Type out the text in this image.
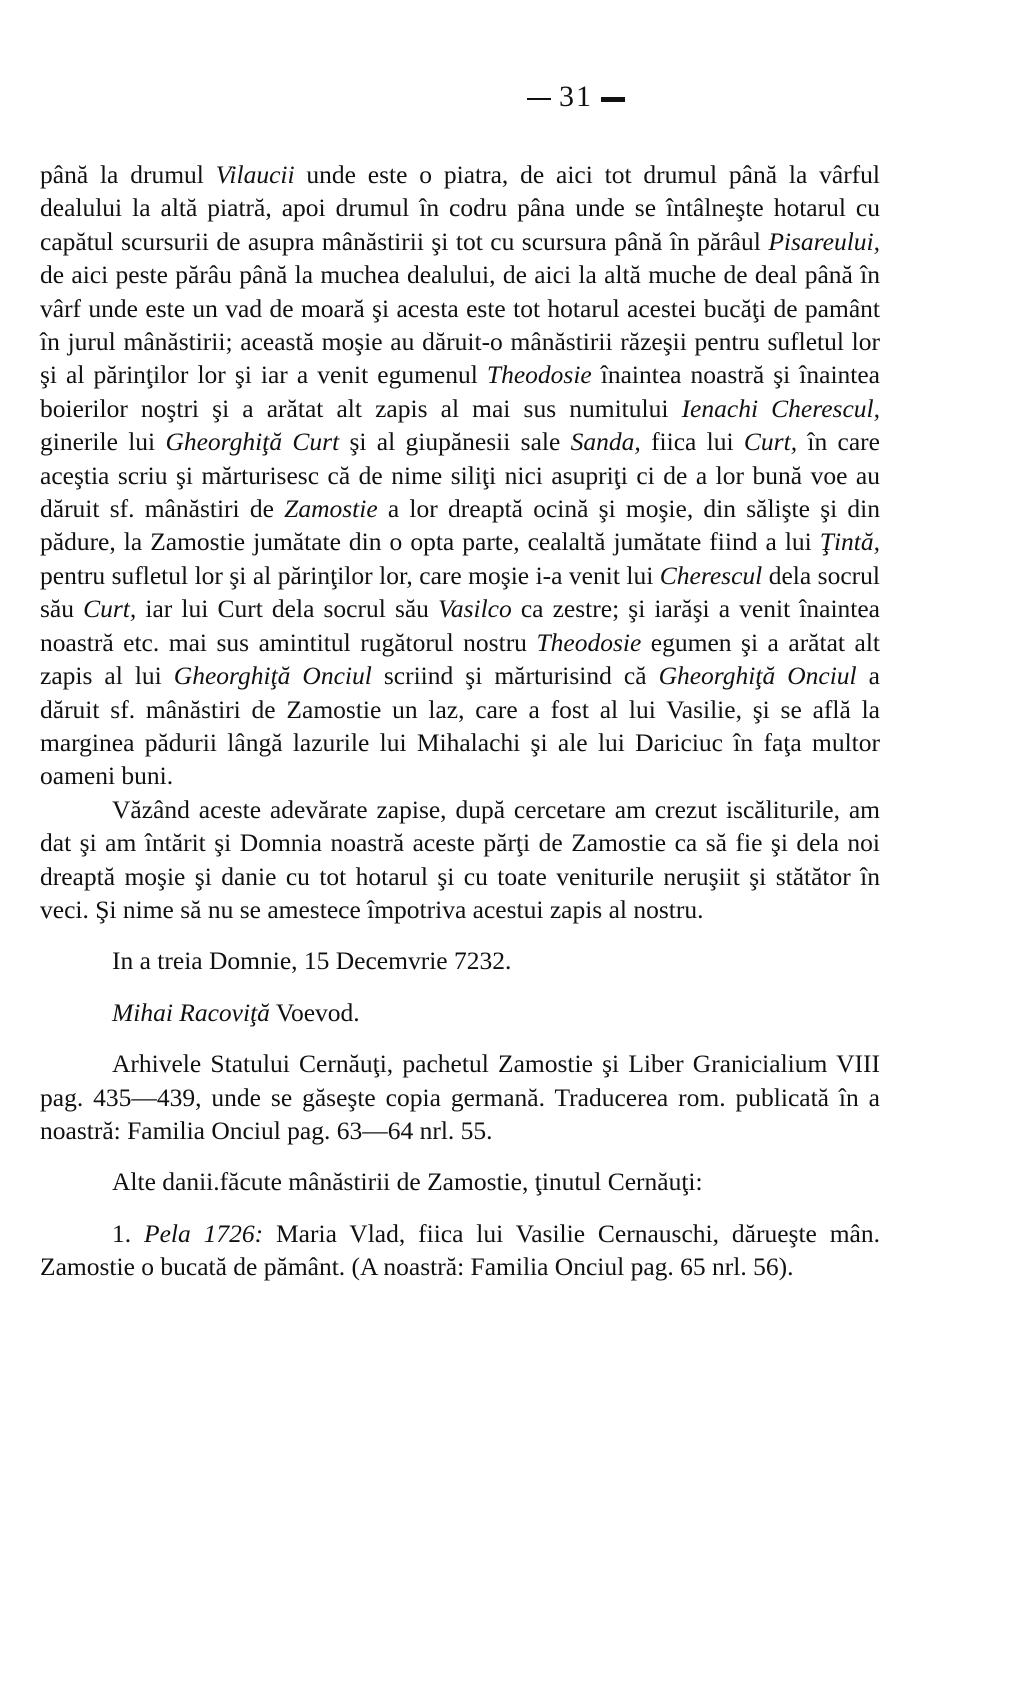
31

până la drumul Vilaucii unde este o piatra, de aici tot drumul până la vârful dealului la altă piatră, apoi drumul în codru pâna unde se întâlneşte hotarul cu capătul scursurii de asupra mânăstirii şi tot cu scursura până în părâul Pisareului, de aici peste părâu până la muchea dealului, de aici la altă muche de deal până în vârf unde este un vad de moară şi acesta este tot hotarul acestei bucăţi de pamânt în jurul mânăstirii; această moşie au dăruit-o mânăstirii răzeşii pentru sufletul lor şi al părinţilor lor şi iar a venit egumenul Theodosie înaintea noastră şi înaintea boierilor noştri şi a arătat alt zapis al mai sus numitului Ienachi Cherescul, ginerile lui Gheorghiţă Curt şi al giupănesii sale Sanda, fiica lui Curt, în care aceştia scriu şi mărturisesc că de nime siliţi nici asupriţi ci de a lor bună voe au dăruit sf. mânăstiri de Zamostie a lor dreaptă ocină şi moşie, din sălişte şi din pădure, la Zamostie jumătate din o opta parte, cealaltă jumătate fiind a lui Ţintă, pentru sufletul lor şi al părinţilor lor, care moşie i-a venit lui Cherescul dela socrul său Curt, iar lui Curt dela socrul său Vasilco ca zestre; şi iarăşi a venit înaintea noastră etc. mai sus amintitul rugătorul nostru Theodosie egumen şi a arătat alt zapis al lui Gheorghiţă Onciul scriind şi mărturisind că Gheorghiţă Onciul a dăruit sf. mânăstiri de Zamostie un laz, care a fost al lui Vasilie, şi se află la marginea pădurii lângă lazurile lui Mihalachi şi ale lui Dariciuc în faţa multor oameni buni.

Văzând aceste adevărate zapise, după cercetare am crezut iscăliturile, am dat şi am întărit şi Domnia noastră aceste părţi de Zamostie ca să fie şi dela noi dreaptă moşie şi danie cu tot hotarul şi cu toate veniturile neruşiit şi stătător în veci. Şi nime să nu se amestece împotriva acestui zapis al nostru.

In a treia Domnie, 15 Decemvrie 7232.

Mihai Racoviţă Voevod.

Arhivele Statului Cernăuţi, pachetul Zamostie şi Liber Granicialium VIII pag. 435—439, unde se găseşte copia germană. Traducerea rom. publicată în a noastră: Familia Onciul pag. 63—64 nrl. 55.

Alte danii.făcute mânăstirii de Zamostie, ţinutul Cernăuţi:

1. Pela 1726: Maria Vlad, fiica lui Vasilie Cernauschi, dărueşte mân. Zamostie o bucată de pământ. (A noastră: Familia Onciul pag. 65 nrl. 56).
